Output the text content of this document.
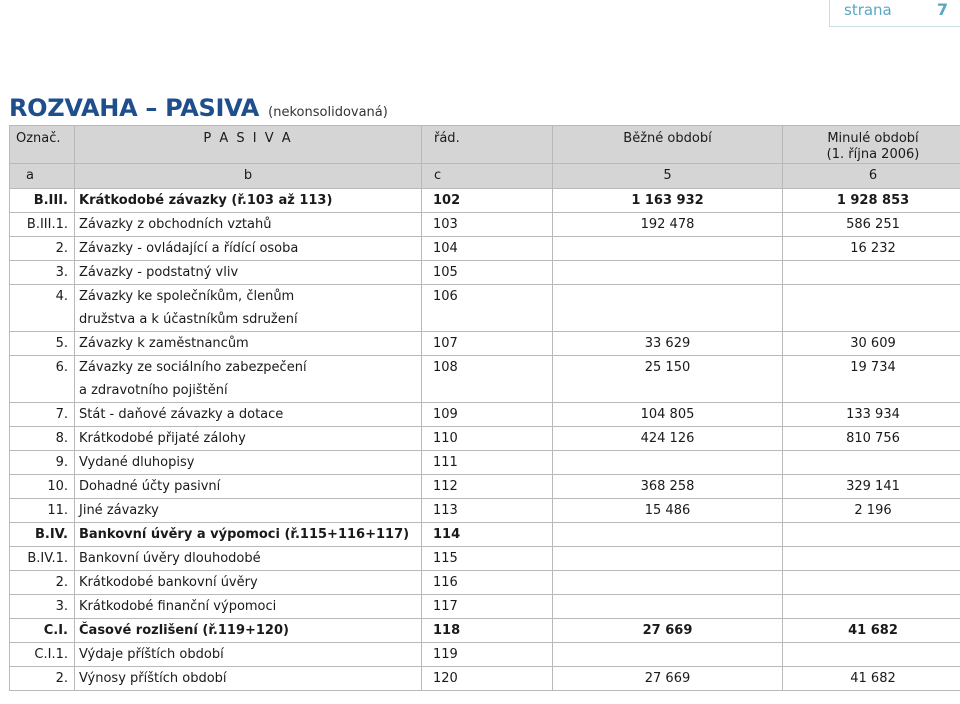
strana	7
ROZVAHA – PASIVA (nekonsolidovaná)
Označ.	P A S I V A	řád.	Běžné období	Minulé období
(1. října 2006)

a	b	c	5	6
B.III.	Krátkodobé závazky (ř.103 až 113)	102	1 163 932	1 928 853
B.III.1.	Závazky z obchodních vztahů	103	192 478	586 251
2.	Závazky - ovládající a řídící osoba	104		16 232
3.	Závazky - podstatný vliv	105		
4.	Závazky ke společníkům, členům
družstva a k účastníkům sdružení	106		
5.	Závazky k zaměstnancům	107	33 629	30 609
6.	Závazky ze sociálního zabezpečení
a zdravotního pojištění	108	25 150	19 734
7.	Stát - daňové závazky a dotace	109	104 805	133 934
8.	Krátkodobé přijaté zálohy	110	424 126	810 756
9.	Vydané dluhopisy	111		
10.	Dohadné účty pasivní	112	368 258	329 141
11.	Jiné závazky	113	15 486	2 196
B.IV.	Bankovní úvěry a výpomoci (ř.115+116+117)	114		
B.IV.1.	Bankovní úvěry dlouhodobé	115		
2.	Krátkodobé bankovní úvěry	116		
3.	Krátkodobé finanční výpomoci	117		
C.I.	Časové rozlišení (ř.119+120)	118	27 669	41 682
C.I.1.	Výdaje příštích období	119		
2.	Výnosy příštích období	120	27 669	41 682
